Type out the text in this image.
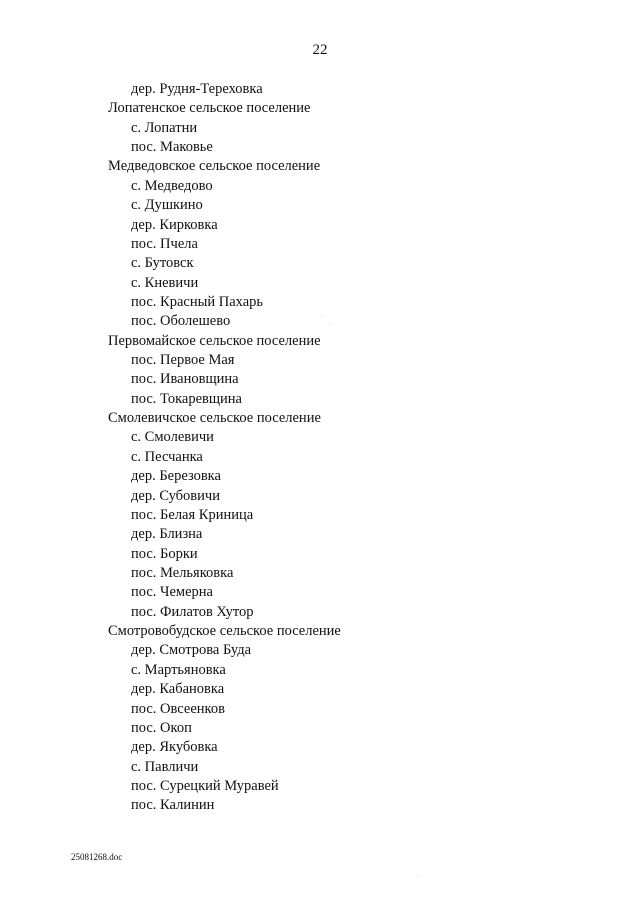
22
дер. Рудня-Тереховка
Лопатенское сельское поселение
с. Лопатни
пос. Маковье
Медведовское сельское поселение
с. Медведово
с. Душкино
дер. Кирковка
пос. Пчела
с. Бутовск
с. Кневичи
пос. Красный Пахарь
пос. Оболешево
Первомайское сельское поселение
пос. Первое Мая
пос. Ивановщина
пос. Токаревщина
Смолевичское сельское поселение
с. Смолевичи
с. Песчанка
дер. Березовка
дер. Субовичи
пос. Белая Криница
дер. Близна
пос. Борки
пос. Мельяковка
пос. Чемерна
пос. Филатов Хутор
Смотровобудское сельское поселение
дер. Смотрова Буда
с. Мартьяновка
дер. Кабановка
пос. Овсеенков
пос. Окоп
дер. Якубовка
с. Павличи
пос. Сурецкий Муравей
пос. Калинин
25081268.doc
